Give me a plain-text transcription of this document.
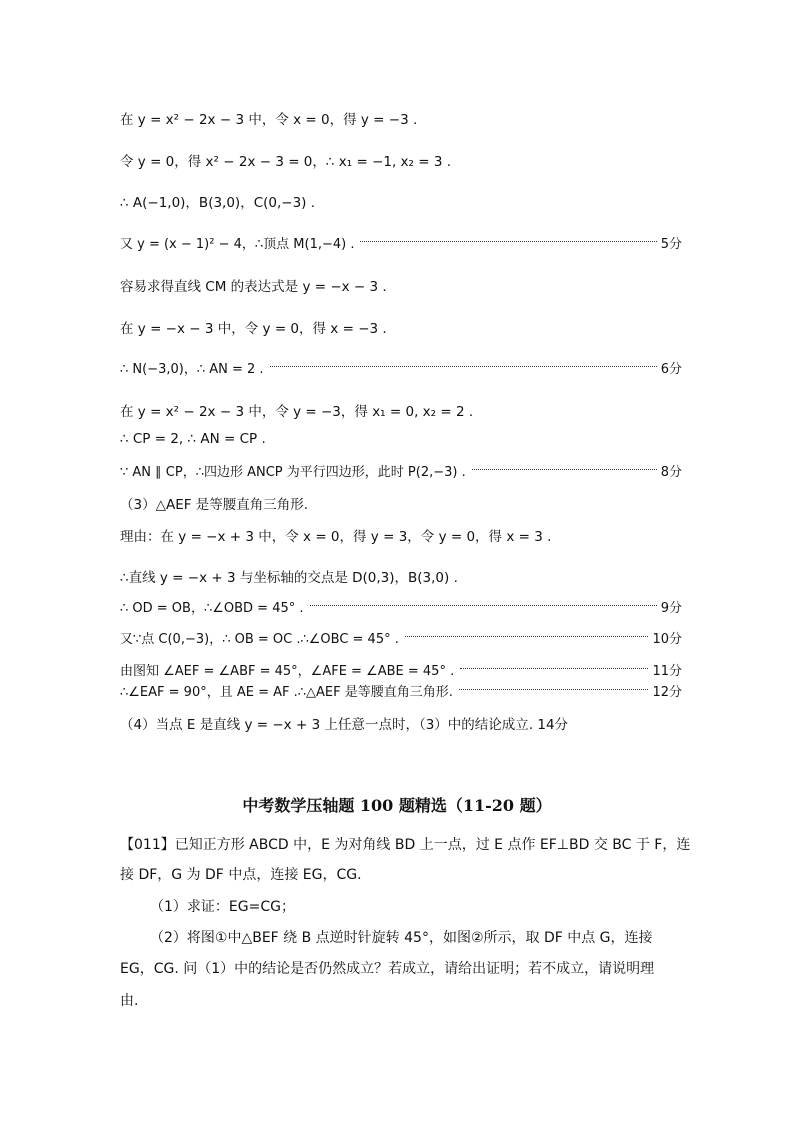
在 y = x² − 2x − 3 中，令 x = 0，得 y = −3 .
令 y = 0，得 x² − 2x − 3 = 0，∴ x₁ = −1, x₂ = 3 .
∴ A(−1,0)，B(3,0)，C(0,−3) .
又 y = (x − 1)² − 4，∴顶点 M(1,−4) .	5分
容易求得直线 CM 的表达式是 y = −x − 3 .
在 y = −x − 3 中，令 y = 0，得 x = −3 .
∴ N(−3,0)，∴ AN = 2 .	6分
在 y = x² − 2x − 3 中，令 y = −3，得 x₁ = 0, x₂ = 2 .
∴ CP = 2, ∴ AN = CP .
∵ AN ∥ CP，∴四边形 ANCP 为平行四边形，此时 P(2,−3) .	8分
（3）△AEF 是等腰直角三角形.
理由：在 y = −x + 3 中，令 x = 0，得 y = 3，令 y = 0，得 x = 3 .
∴直线 y = −x + 3 与坐标轴的交点是 D(0,3)，B(3,0) .
∴ OD = OB，∴∠OBD = 45° .	9分
又∵点 C(0,−3)，∴ OB = OC .∴∠OBC = 45° .	10分
由图知 ∠AEF = ∠ABF = 45°，∠AFE = ∠ABE = 45° .	11分
∴∠EAF = 90°，且 AE = AF .∴△AEF 是等腰直角三角形.	12分
（4）当点 E 是直线 y = −x + 3 上任意一点时，（3）中的结论成立. 14分
中考数学压轴题 100 题精选（11-20 题）
【011】已知正方形 ABCD 中，E 为对角线 BD 上一点，过 E 点作 EF⊥BD 交 BC 于 F，连
接 DF，G 为 DF 中点，连接 EG，CG.
（1）求证：EG=CG；
（2）将图①中△BEF 绕 B 点逆时针旋转 45°，如图②所示，取 DF 中点 G，连接
EG，CG. 问（1）中的结论是否仍然成立？若成立，请给出证明；若不成立，请说明理
由.
